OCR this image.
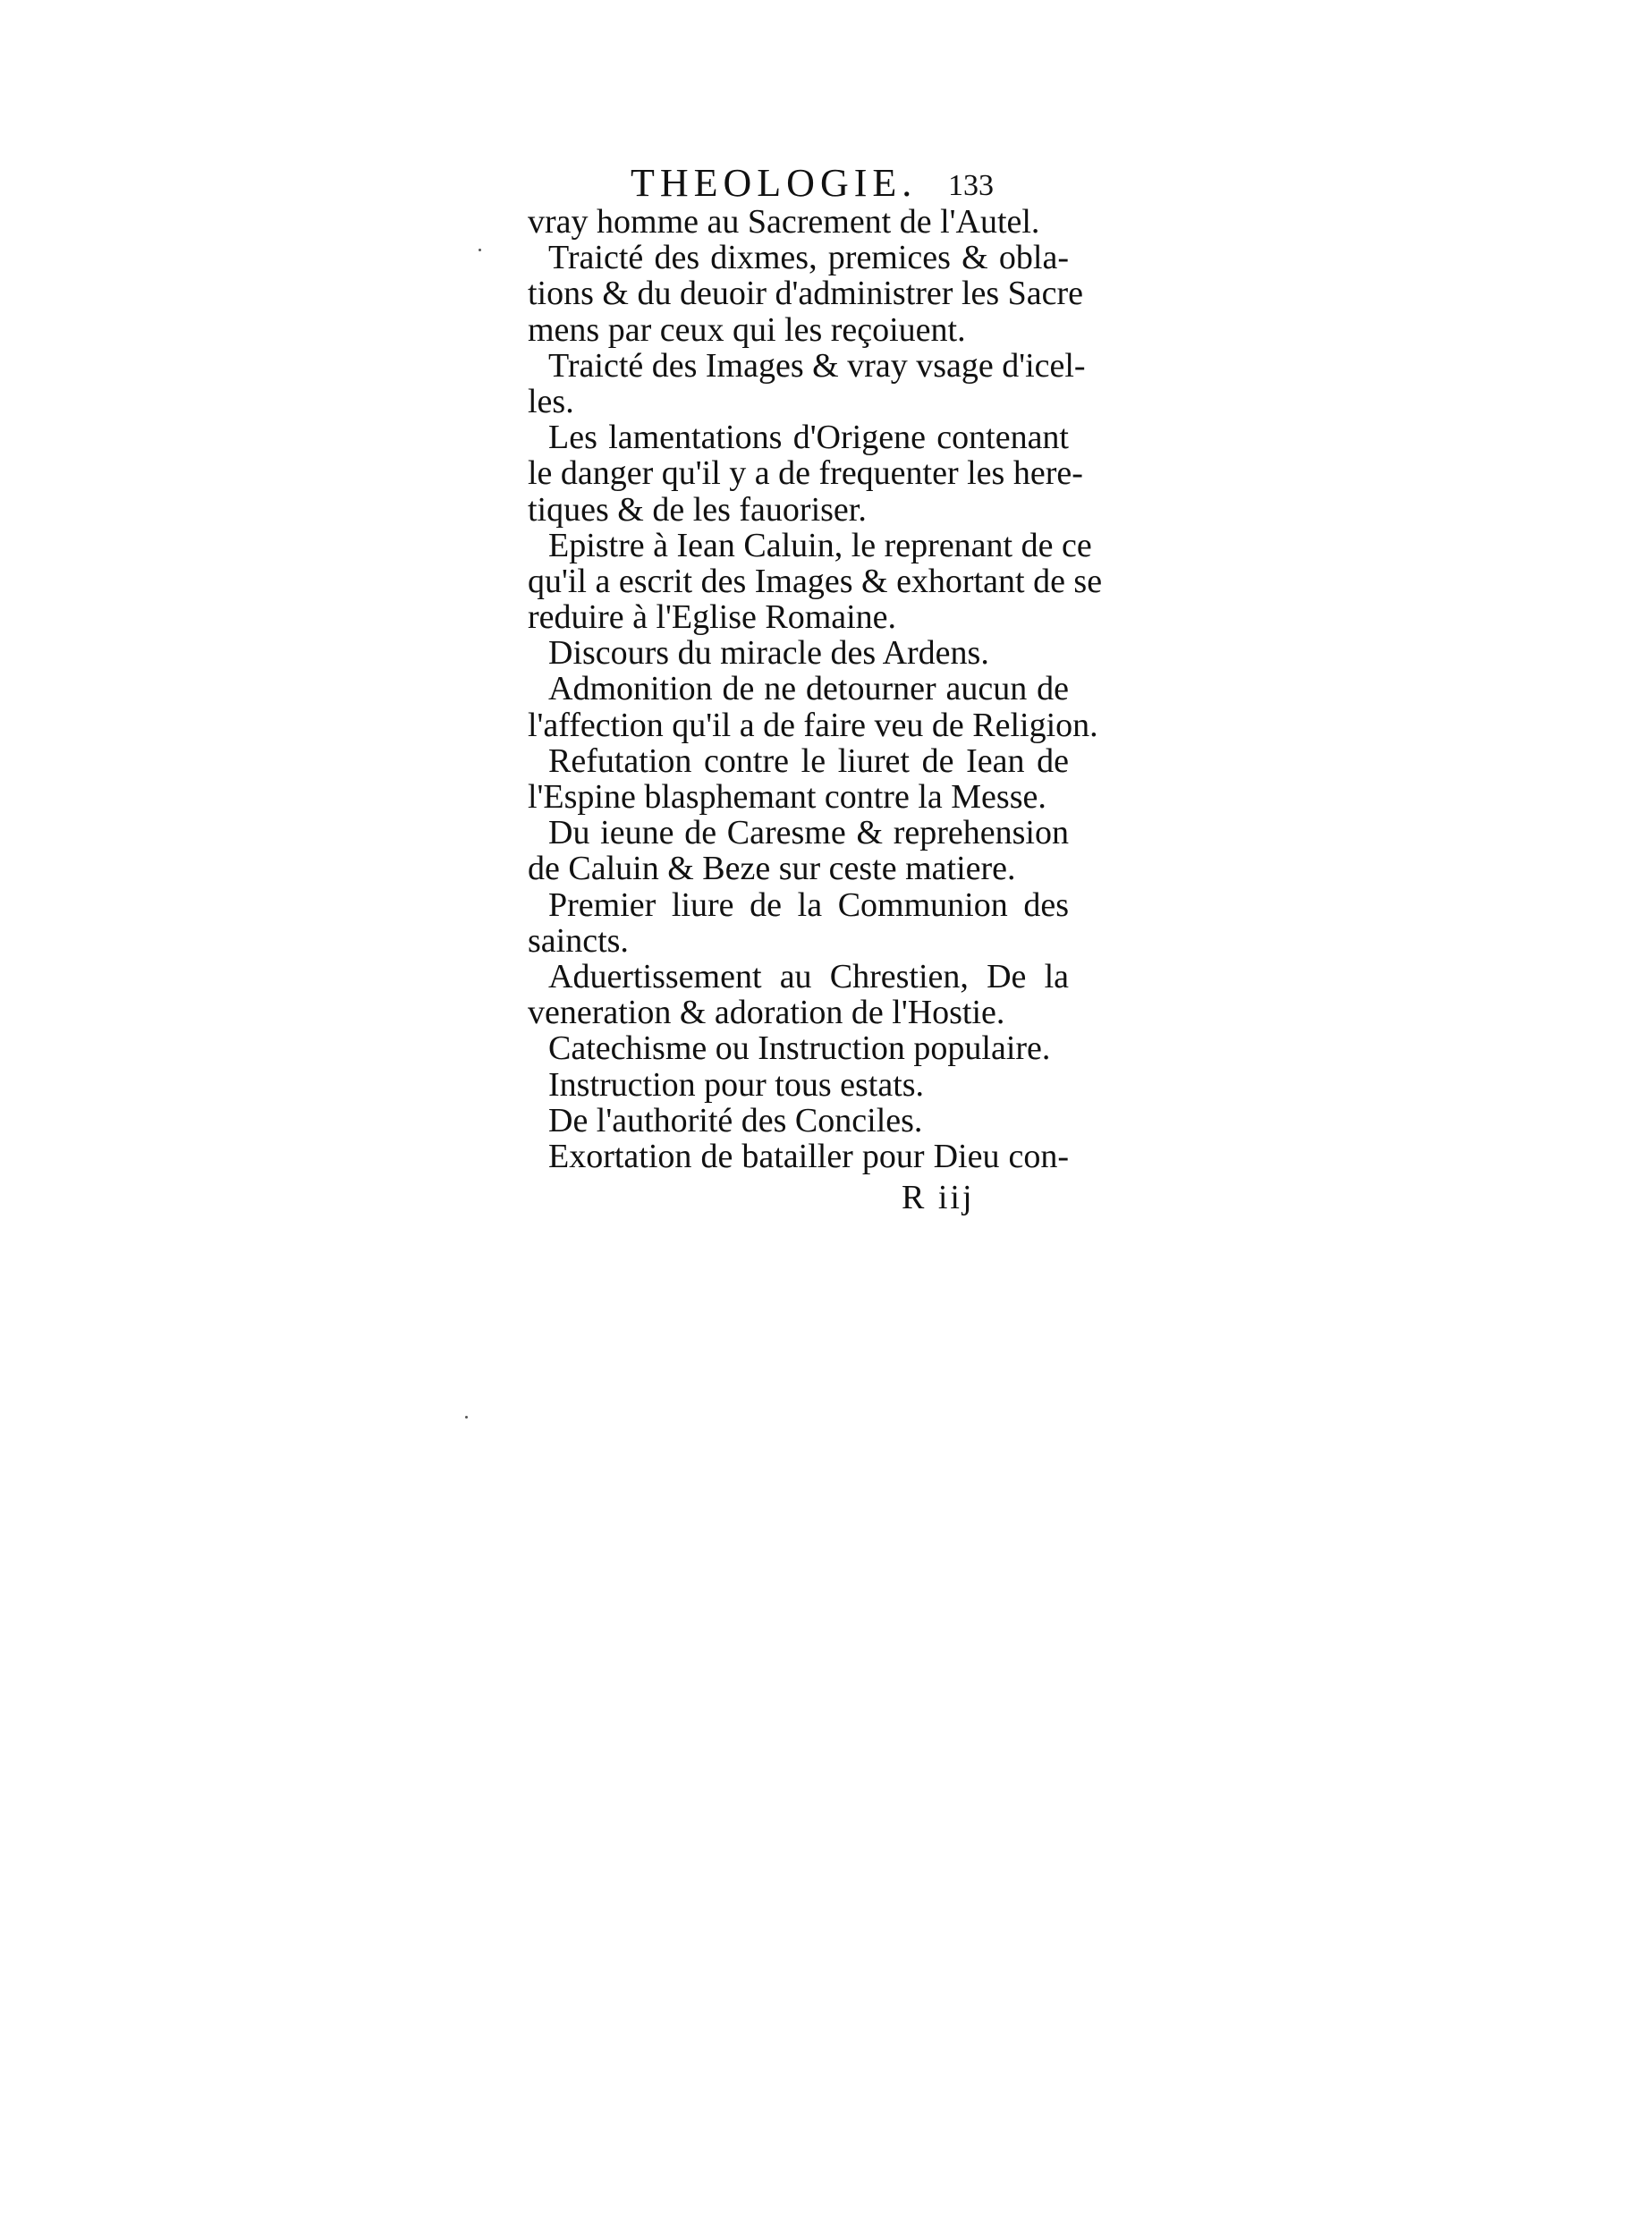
THEOLOGIE. 133
vray homme au Sacrement de l'Autel.
Traicté des dixmes, premices & obla-
tions & du deuoir d'administrer les Sacre
mens par ceux qui les reçoiuent.
Traicté des Images & vray vsage d'icel-
les.
Les lamentations d'Origene contenant
le danger qu'il y a de frequenter les here-
tiques & de les fauoriser.
Epistre à Iean Caluin, le reprenant de ce
qu'il a escrit des Images & exhortant de se
reduire à l'Eglise Romaine.
Discours du miracle des Ardens.
Admonition de ne detourner aucun de
l'affection qu'il a de faire veu de Religion.
Refutation contre le liuret de Iean de
l'Espine blasphemant contre la Messe.
Du ieune de Caresme & reprehension
de Caluin & Beze sur ceste matiere.
Premier liure de la Communion des
saincts.
Aduertissement au Chrestien, De la
veneration & adoration de l'Hostie.
Catechisme ou Instruction populaire.
Instruction pour tous estats.
De l'authorité des Conciles.
Exortation de batailler pour Dieu con-
R iij
